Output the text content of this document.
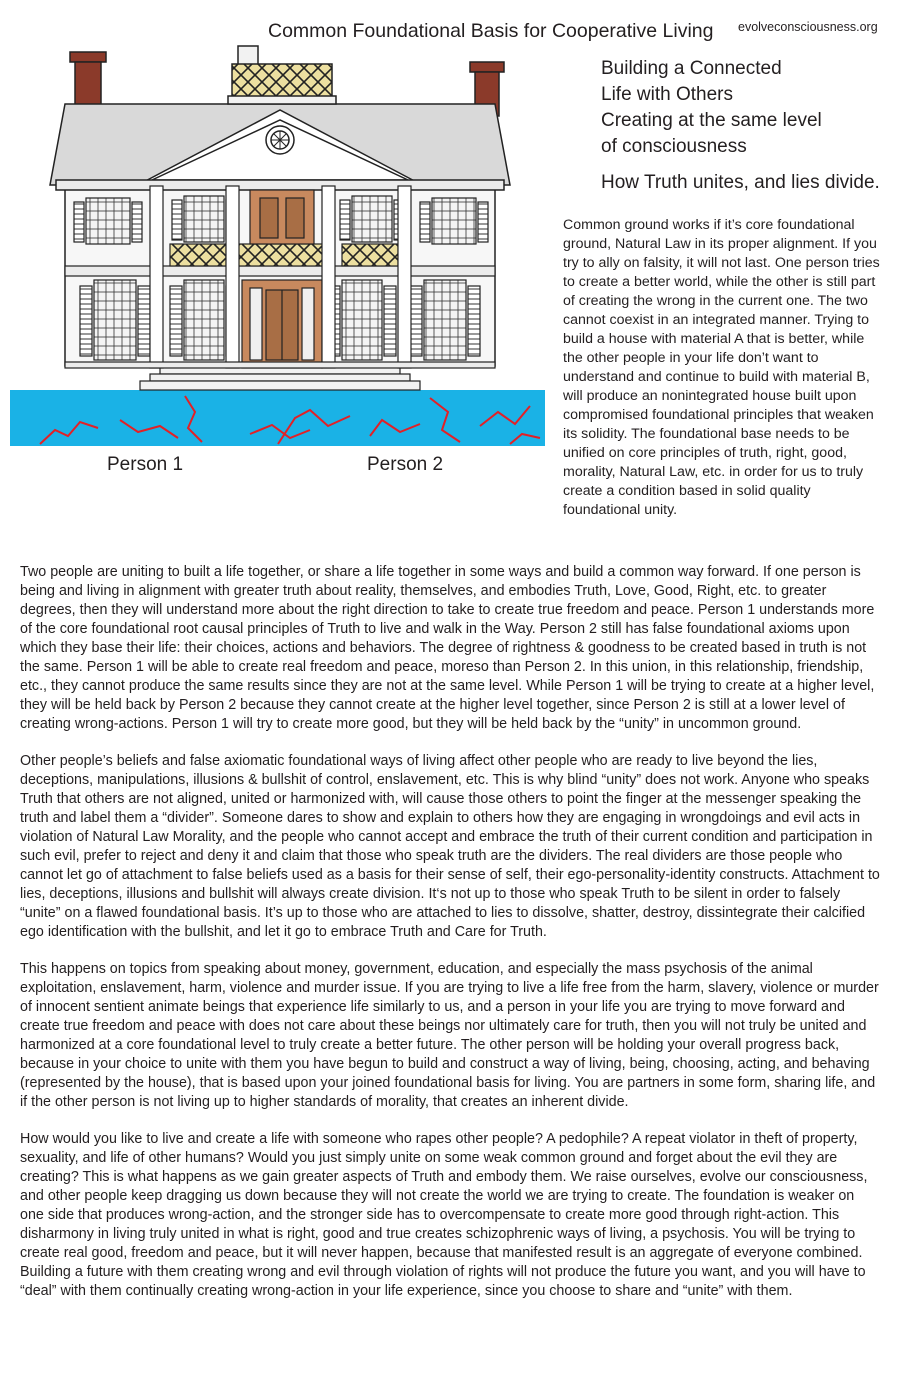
Common Foundational Basis for Cooperative Living evolveconsciousness.org
Building a Connected
Life with Others
Creating at the same level
of consciousness
How Truth unites, and lies divide.
Common ground works if it’s core foundational ground, Natural Law in its proper alignment. If you try to ally on falsity, it will not last. One person tries to create a better world, while the other is still part of creating the wrong in the current one. The two cannot coexist in an integrated manner. Trying to build a house with material A that is better, while the other people in your life don’t want to understand and continue to build with material B, will produce an nonintegrated house built upon compromised foundational principles that weaken its solidity. The foundational base needs to be unified on core principles of truth, right, good, morality, Natural Law, etc. in order for us to truly create a condition based in solid quality foundational unity.
Person 1	Person 2

Two people are uniting to built a life together, or share a life together in some ways and build a common way forward. If one person is being and living in alignment with greater truth about reality, themselves, and embodies Truth, Love, Good, Right, etc. to greater degrees, then they will understand more about the right direction to take to create true freedom and peace. Person 1 understands more of the core foundational root causal principles of Truth to live and walk in the Way. Person 2 still has false foundational axioms upon which they base their life: their choices, actions and behaviors. The degree of rightness & goodness to be created based in truth is not the same. Person 1 will be able to create real freedom and peace, moreso than Person 2. In this union, in this relationship, friendship, etc., they cannot produce the same results since they are not at the same level. While Person 1 will be trying to create at a higher level, they will be held back by Person 2 because they cannot create at the higher level together, since Person 2 is still at a lower level of creating wrong-actions. Person 1 will try to create more good, but they will be held back by the “unity” in uncommon ground.

Other people’s beliefs and false axiomatic foundational ways of living affect other people who are ready to live beyond the lies, deceptions, manipulations, illusions & bullshit of control, enslavement, etc. This is why blind “unity” does not work. Anyone who speaks Truth that others are not aligned, united or harmonized with, will cause those others to point the finger at the messenger speaking the truth and label them a “divider”. Someone dares to show and explain to others how they are engaging in wrongdoings and evil acts in violation of Natural Law Morality, and the people who cannot accept and embrace the truth of their current condition and participation in such evil, prefer to reject and deny it and claim that those who speak truth are the dividers. The real dividers are those people who cannot let go of attachment to false beliefs used as a basis for their sense of self, their ego-personality-identity constructs. Attachment to lies, deceptions, illusions and bullshit will always create division. It‘s not up to those who speak Truth to be silent in order to falsely “unite” on a flawed foundational basis. It’s up to those who are attached to lies to dissolve, shatter, destroy, dissintegrate their calcified ego identification with the bullshit, and let it go to embrace Truth and Care for Truth.

This happens on topics from speaking about money, government, education, and especially the mass psychosis of the animal exploitation, enslavement, harm, violence and murder issue. If you are trying to live a life free from the harm, slavery, violence or murder of innocent sentient animate beings that experience life similarly to us, and a person in your life you are trying to move forward and create true freedom and peace with does not care about these beings nor ultimately care for truth, then you will not truly be united and harmonized at a core foundational level to truly create a better future. The other person will be holding your overall progress back, because in your choice to unite with them you have begun to build and construct a way of living, being, choosing, acting, and behaving (represented by the house), that is based upon your joined foundational basis for living. You are partners in some form, sharing life, and if the other person is not living up to higher standards of morality, that creates an inherent divide.

How would you like to live and create a life with someone who rapes other people? A pedophile? A repeat violator in theft of property, sexuality, and life of other humans? Would you just simply unite on some weak common ground and forget about the evil they are creating? This is what happens as we gain greater aspects of Truth and embody them. We raise ourselves, evolve our consciousness, and other people keep dragging us down because they will not create the world we are trying to create. The foundation is weaker on one side that produces wrong-action, and the stronger side has to overcompensate to create more good through right-action. This disharmony in living truly united in what is right, good and true creates schizophrenic ways of living, a psychosis. You will be trying to create real good, freedom and peace, but it will never happen, because that manifested result is an aggregate of everyone combined. Building a future with them creating wrong and evil through violation of rights will not produce the future you want, and you will have to “deal” with them continually creating wrong-action in your life experience, since you choose to share and “unite” with them.
